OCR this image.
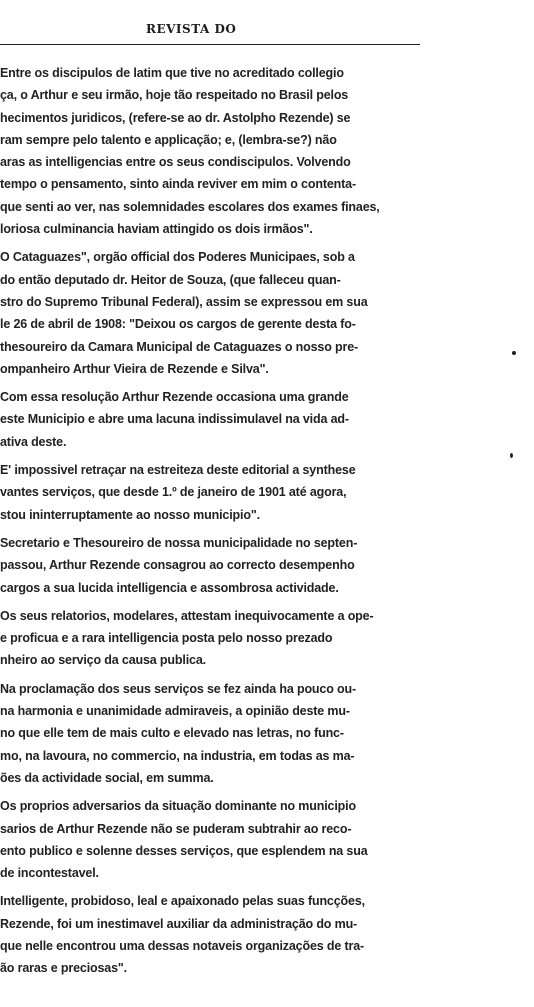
REVISTA DO
Entre os discipulos de latim que tive no acreditado collegio
ça, o Arthur e seu irmão, hoje tão respeitado no Brasil pelos
hecimentos juridicos, (refere-se ao dr. Astolpho Rezende) se
ram sempre pelo talento e applicação; e, (lembra-se?) não
aras as intelligencias entre os seus condiscipulos. Volvendo
tempo o pensamento, sinto ainda reviver em mim o contenta-
que senti ao ver, nas solemnidades escolares dos exames finaes,
loriosa culminancia haviam attingido os dois irmãos".
O Cataguazes", orgão official dos Poderes Municipaes, sob a
do então deputado dr. Heitor de Souza, (que falleceu quan-
stro do Supremo Tribunal Federal), assim se expressou em sua
le 26 de abril de 1908: "Deixou os cargos de gerente desta fo-
thesoureiro da Camara Municipal de Cataguazes o nosso pre-
ompanheiro Arthur Vieira de Rezende e Silva".
Com essa resolução Arthur Rezende occasiona uma grande
este Municipio e abre uma lacuna indissimulavel na vida ad-
ativa deste.
E' impossivel retraçar na estreiteza deste editorial a synthese
vantes serviços, que desde 1.º de janeiro de 1901 até agora,
stou ininterruptamente ao nosso municipio".
Secretario e Thesoureiro de nossa municipalidade no septen-
passou, Arthur Rezende consagrou ao correcto desempenho
cargos a sua lucida intelligencia e assombrosa actividade.
Os seus relatorios, modelares, attestam inequivocamente a ope-
e proficua e a rara intelligencia posta pelo nosso prezado
nheiro ao serviço da causa publica.
Na proclamação dos seus serviços se fez ainda ha pouco ou-
na harmonia e unanimidade admiraveis, a opinião deste mu-
no que elle tem de mais culto e elevado nas letras, no func-
mo, na lavoura, no commercio, na industria, em todas as ma-
ões da actividade social, em summa.
Os proprios adversarios da situação dominante no municipio
sarios de Arthur Rezende não se puderam subtrahir ao reco-
ento publico e solenne desses serviços, que esplendem na sua
de incontestavel.
Intelligente, probidoso, leal e apaixonado pelas suas funcções,
Rezende, foi um inestimavel auxiliar da administração do mu-
que nelle encontrou uma dessas notaveis organizações de tra-
ão raras e preciosas".
